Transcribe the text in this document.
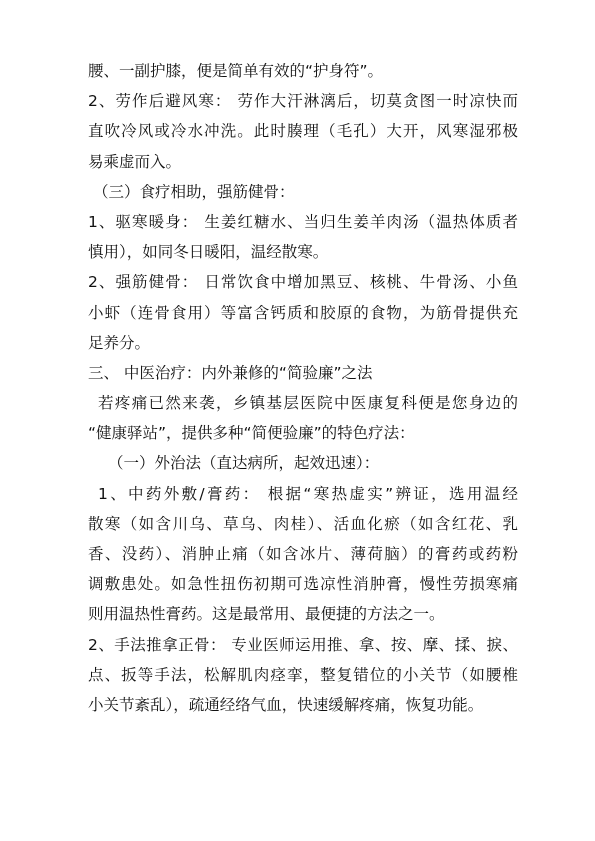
腰、一副护膝，便是简单有效的“护身符”。
2、劳作后避风寒： 劳作大汗淋漓后，切莫贪图一时凉快而
直吹冷风或冷水冲洗。此时腠理（毛孔）大开，风寒湿邪极
易乘虚而入。
（三）食疗相助，强筋健骨：
1、驱寒暖身： 生姜红糖水、当归生姜羊肉汤（温热体质者
慎用），如同冬日暖阳，温经散寒。
2、强筋健骨： 日常饮食中增加黑豆、核桃、牛骨汤、小鱼
小虾（连骨食用）等富含钙质和胶原的食物，为筋骨提供充
足养分。
三、 中医治疗：内外兼修的“简验廉”之法
若疼痛已然来袭，乡镇基层医院中医康复科便是您身边的
“健康驿站”，提供多种“简便验廉”的特色疗法：
（一）外治法（直达病所，起效迅速）：
1、中药外敷/膏药： 根据“寒热虚实”辨证，选用温经
散寒（如含川乌、草乌、肉桂）、活血化瘀（如含红花、乳
香、没药）、消肿止痛（如含冰片、薄荷脑）的膏药或药粉
调敷患处。如急性扭伤初期可选凉性消肿膏，慢性劳损寒痛
则用温热性膏药。这是最常用、最便捷的方法之一。
2、手法推拿正骨： 专业医师运用推、拿、按、摩、揉、捩、
点、扳等手法，松解肌肉痉挛，整复错位的小关节（如腰椎
小关节紊乱），疏通经络气血，快速缓解疼痛，恢复功能。
